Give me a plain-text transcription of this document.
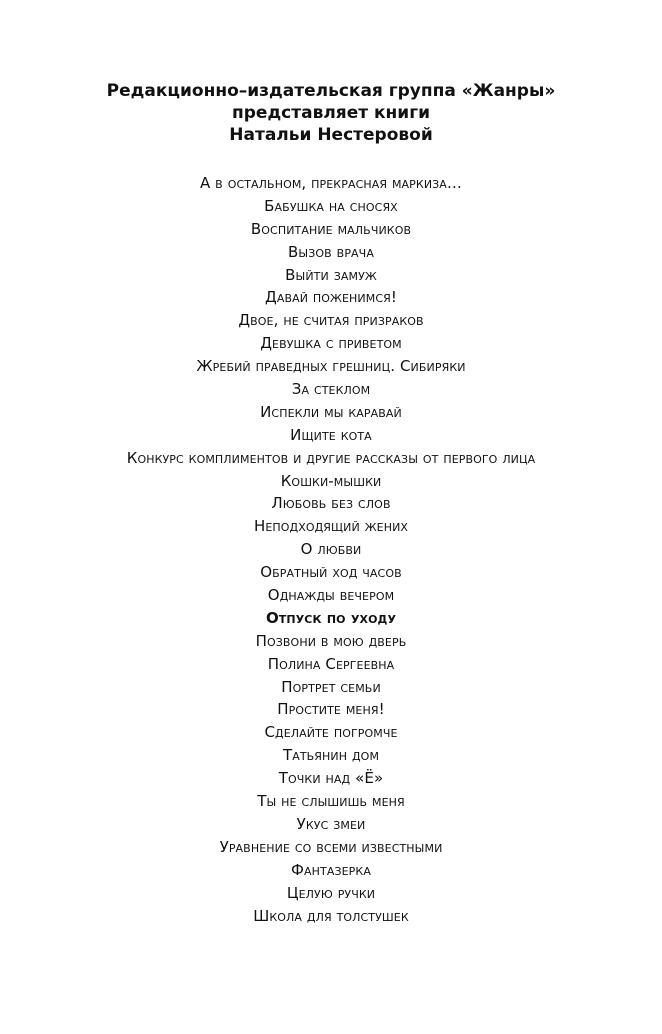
Редакционно–издательская группа «Жанры»
представляет книги
Натальи Нестеровой
А в остальном, прекрасная маркиза…
Бабушка на сносях
Воспитание мальчиков
Вызов врача
Выйти замуж
Давай поженимся!
Двое, не считая призраков
Девушка с приветом
Жребий праведных грешниц. Сибиряки
За стеклом
Испекли мы каравай
Ищите кота
Конкурс комплиментов и другие рассказы от первого лица
Кошки-мышки
Любовь без слов
Неподходящий жених
О любви
Обратный ход часов
Однажды вечером
Отпуск по уходу
Позвони в мою дверь
Полина Сергеевна
Портрет семьи
Простите меня!
Сделайте погромче
Татьянин дом
Точки над «Ё»
Ты не слышишь меня
Укус змеи
Уравнение со всеми известными
Фантазерка
Целую ручки
Школа для толстушек
